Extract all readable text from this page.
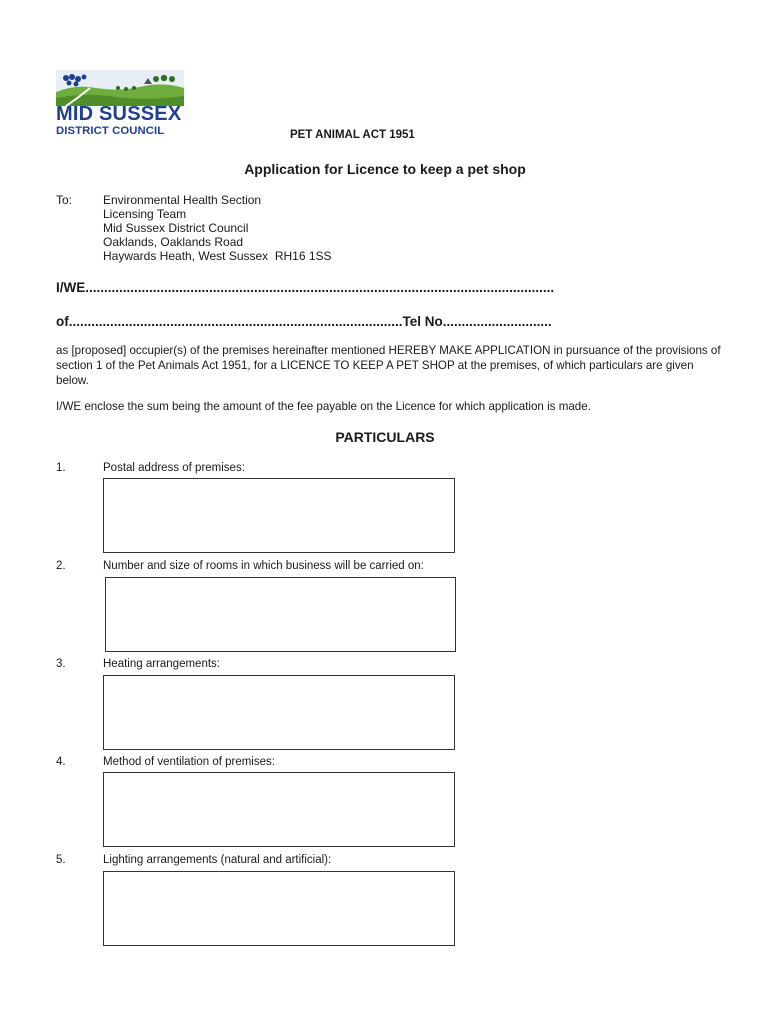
MID SUSSEX
DISTRICT COUNCIL	PET ANIMAL ACT 1951
Application for Licence to keep a pet shop
To:	Environmental Health Section
Licensing Team
Mid Sussex District Council
Oaklands, Oaklands Road
Haywards Heath, West Sussex  RH16 1SS
I/WE.............................................................................................................................
of.........................................................................................Tel No.............................
as [proposed] occupier(s) of the premises hereinafter mentioned HEREBY MAKE APPLICATION in pursuance of the provisions of section 1 of the Pet Animals Act 1951, for a LICENCE TO KEEP A PET SHOP at the premises, of which particulars are given below.
I/WE enclose the sum being the amount of the fee payable on the Licence for which application is made.
PARTICULARS
1.	Postal address of premises:
2.	Number and size of rooms in which business will be carried on:
3.	Heating arrangements:
4.	Method of ventilation of premises:
5.	Lighting arrangements (natural and artificial):
